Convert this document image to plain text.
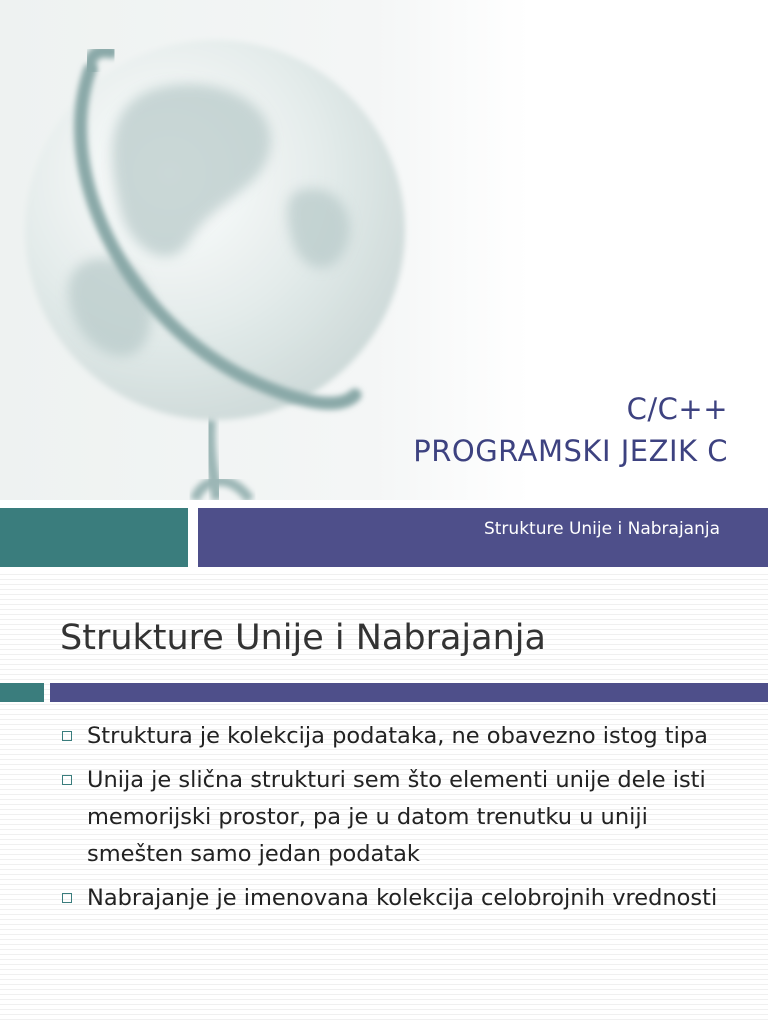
C/C++
PROGRAMSKI JEZIK C
Strukture Unije i Nabrajanja
Strukture Unije i Nabrajanja
Struktura je kolekcija podataka, ne obavezno istog tipa
Unija je slična strukturi sem što elementi unije dele isti memorijski prostor, pa je u datom trenutku u uniji smešten samo jedan podatak
Nabrajanje je imenovana kolekcija celobrojnih vrednosti
